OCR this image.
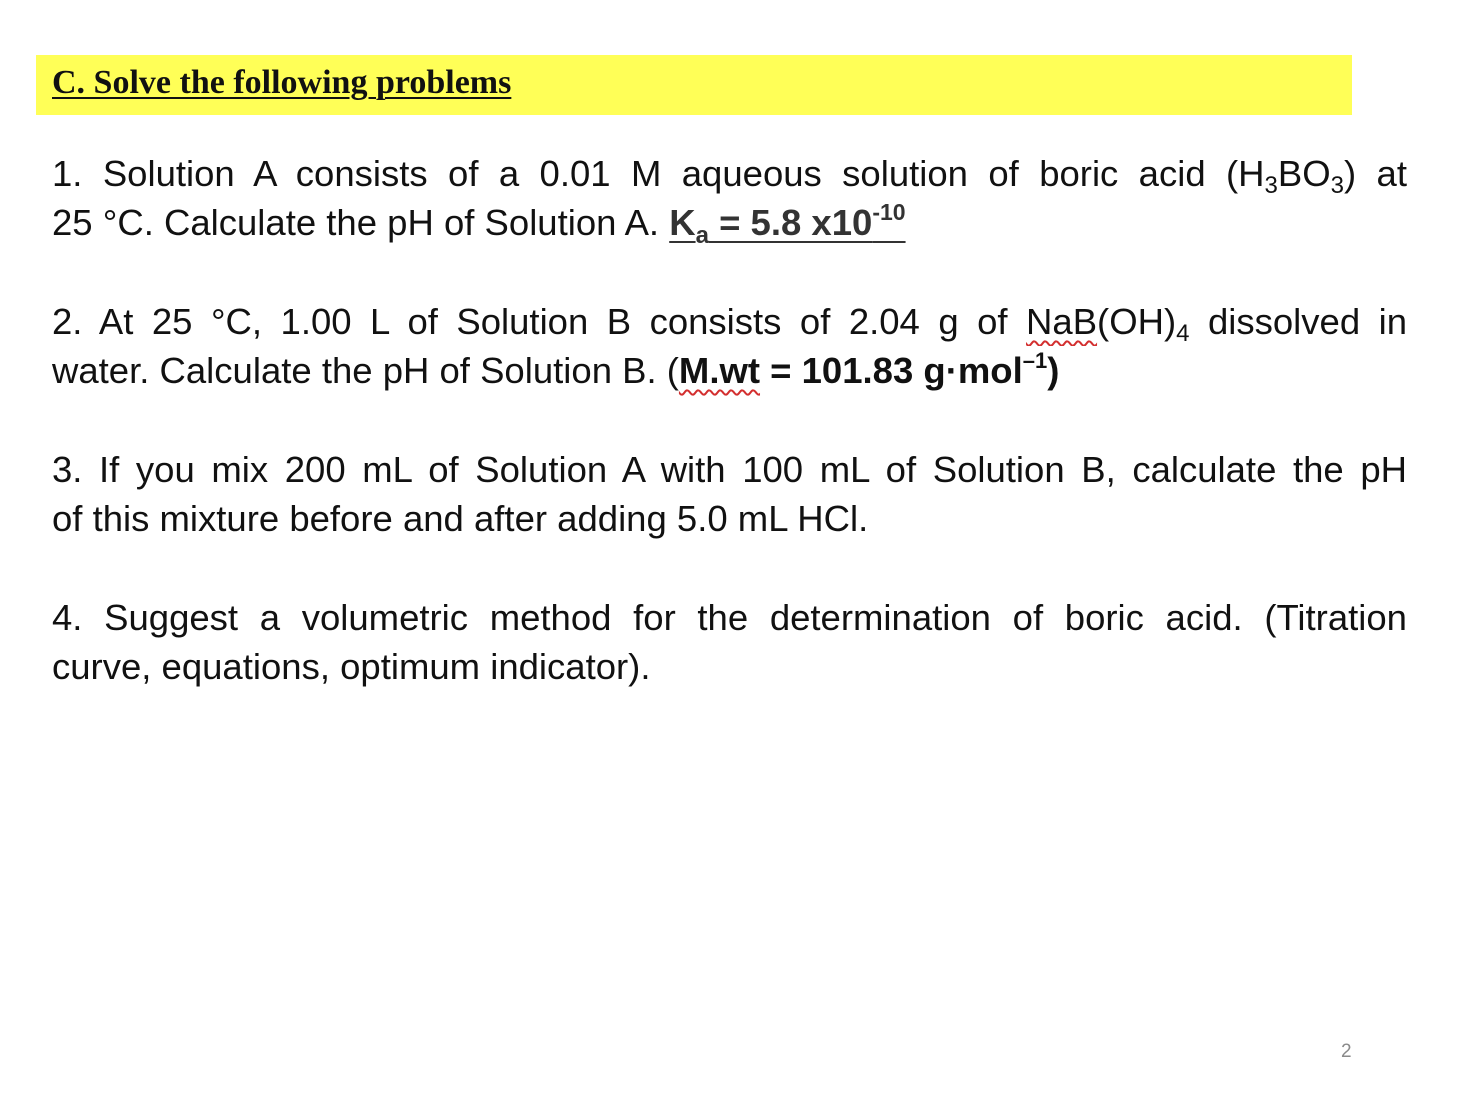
C. Solve the following problems
1. Solution A consists of a 0.01 M aqueous solution of boric acid $(H_3BO_3)$ at
25 °C. Calculate the pH of Solution A. $K_a = 5.8$ $x10^{-10}$
2. At 25 °C, 1.00 L of Solution B consists of 2.04 g of $NaB(OH)_4$ dissolved in
water. Calculate the pH of Solution B. (M.wt = 101.83 g·mol$^{-1}$)
3. If you mix 200 mL of Solution A with 100 mL of Solution B, calculate the pH
of this mixture before and after adding 5.0 mL HCl.
4. Suggest a volumetric method for the determination of boric acid. (Titration
curve, equations, optimum indicator).
2
